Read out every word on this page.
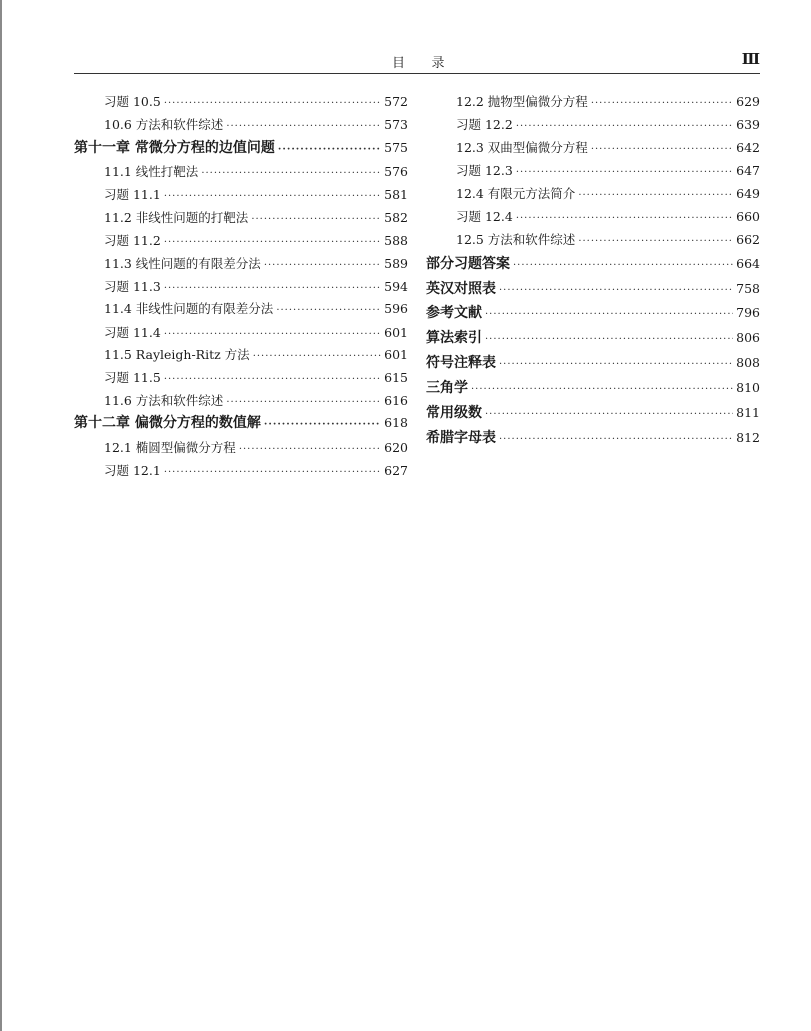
目    录	Ⅲ
习题 10.5 ·····	572
10.6 方法和软件综述 ·····	573
第十一章 常微分方程的边值问题 ·····	575
11.1 线性打靶法 ·····	576
习题 11.1 ·····	581
11.2 非线性问题的打靶法 ·····	582
习题 11.2 ·····	588
11.3 线性问题的有限差分法 ·····	589
习题 11.3 ·····	594
11.4 非线性问题的有限差分法 ·····	596
习题 11.4 ·····	601
11.5 Rayleigh-Ritz 方法 ·····	601
习题 11.5 ·····	615
11.6 方法和软件综述 ·····	616
第十二章 偏微分方程的数值解 ·····	618
12.1 椭圆型偏微分方程 ·····	620
习题 12.1 ·····	627
12.2 抛物型偏微分方程 ·····	629
习题 12.2 ·····	639
12.3 双曲型偏微分方程 ·····	642
习题 12.3 ·····	647
12.4 有限元方法简介 ·····	649
习题 12.4 ·····	660
12.5 方法和软件综述 ·····	662
部分习题答案 ·····	664
英汉对照表 ·····	758
参考文献 ·····	796
算法索引 ·····	806
符号注释表 ·····	808
三角学 ·····	810
常用级数 ·····	811
希腊字母表 ·····	812
